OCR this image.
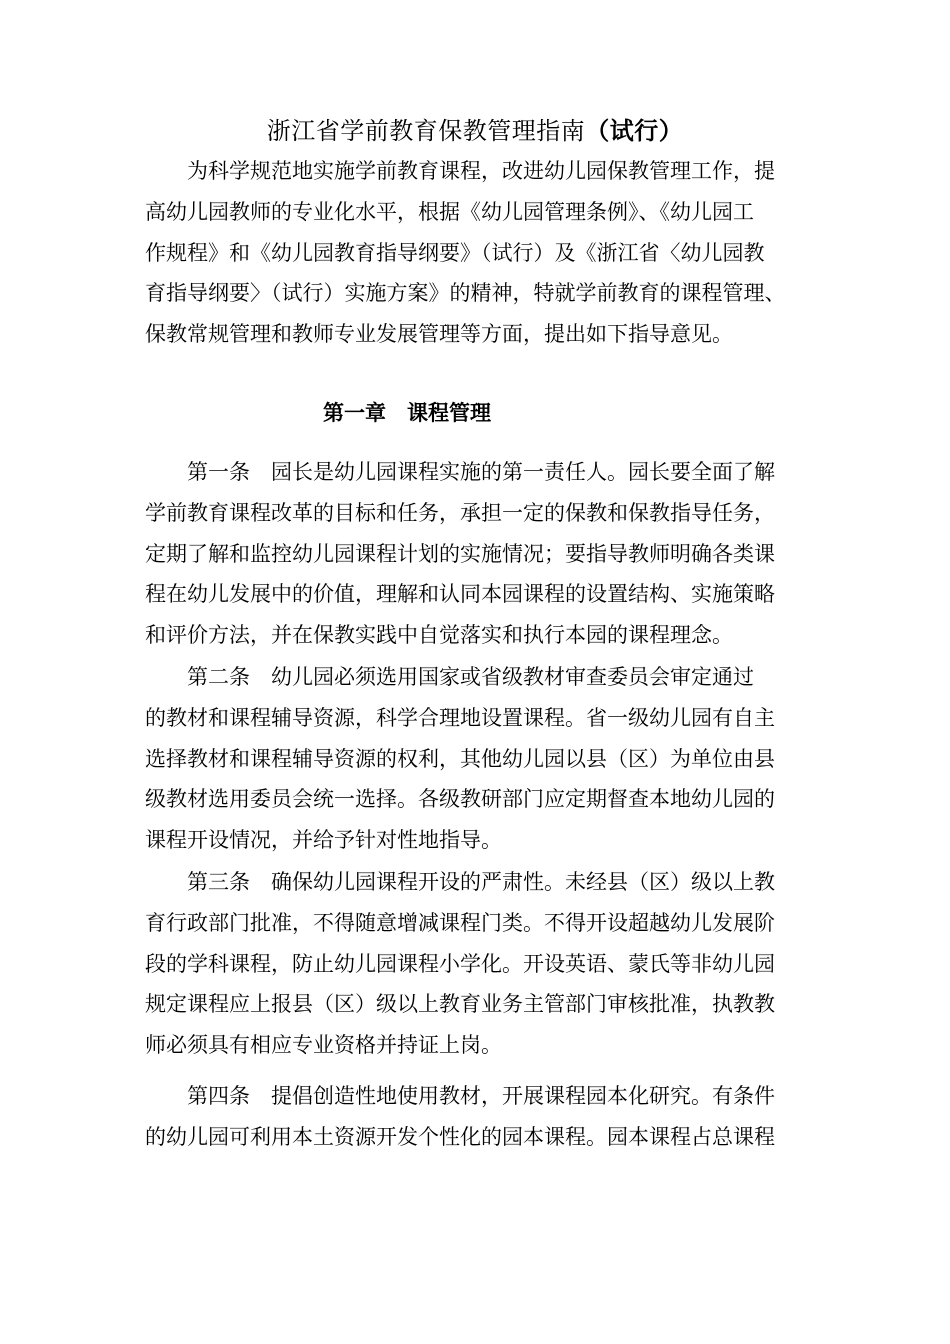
浙江省学前教育保教管理指南（试行）
为科学规范地实施学前教育课程，改进幼儿园保教管理工作，提
高幼儿园教师的专业化水平，根据《幼儿园管理条例》、《幼儿园工
作规程》和《幼儿园教育指导纲要》（试行）及《浙江省〈幼儿园教
育指导纲要〉（试行）实施方案》的精神，特就学前教育的课程管理、
保教常规管理和教师专业发展管理等方面，提出如下指导意见。
第一章　课程管理
第一条　园长是幼儿园课程实施的第一责任人。园长要全面了解
学前教育课程改革的目标和任务，承担一定的保教和保教指导任务，
定期了解和监控幼儿园课程计划的实施情况；要指导教师明确各类课
程在幼儿发展中的价值，理解和认同本园课程的设置结构、实施策略
和评价方法，并在保教实践中自觉落实和执行本园的课程理念。
第二条　幼儿园必须选用国家或省级教材审查委员会审定通过
的教材和课程辅导资源，科学合理地设置课程。省一级幼儿园有自主
选择教材和课程辅导资源的权利，其他幼儿园以县（区）为单位由县
级教材选用委员会统一选择。各级教研部门应定期督查本地幼儿园的
课程开设情况，并给予针对性地指导。
第三条　确保幼儿园课程开设的严肃性。未经县（区）级以上教
育行政部门批准，不得随意增减课程门类。不得开设超越幼儿发展阶
段的学科课程，防止幼儿园课程小学化。开设英语、蒙氏等非幼儿园
规定课程应上报县（区）级以上教育业务主管部门审核批准，执教教
师必须具有相应专业资格并持证上岗。
第四条　提倡创造性地使用教材，开展课程园本化研究。有条件
的幼儿园可利用本土资源开发个性化的园本课程。园本课程占总课程
